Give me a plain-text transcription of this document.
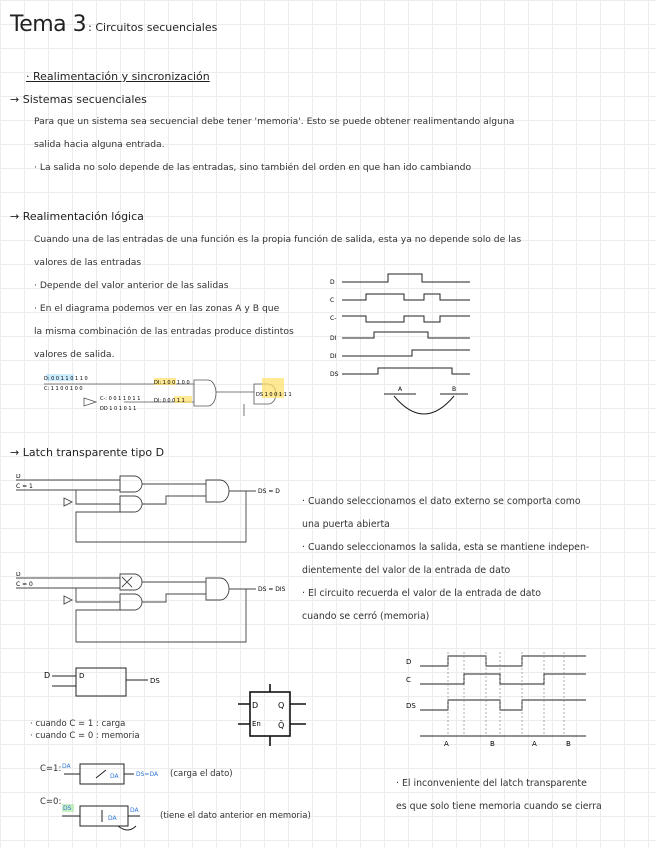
Tema 3 : Circuitos secuenciales
· Realimentación y sincronización
→ Sistemas secuenciales
Para que un sistema sea secuencial debe tener 'memoria'. Esto se puede obtener realimentando alguna
salida hacia alguna entrada.
· La salida no solo depende de las entradas, sino también del orden en que han ido cambiando
→ Realimentación lógica
Cuando una de las entradas de una función es la propia función de salida, esta ya no depende solo de las
valores de las entradas
· Depende del valor anterior de las salidas
· En el diagrama podemos ver en las zonas A y B que
la misma combinación de las entradas produce distintos
valores de salida.
D
C
C-
DI
DI
DS
A	B
D: 0 0 1 1 0 1 1 0
C: 1 1 0 0 1 0 0
C-: 0 0 1 1 0 1 1
DI: 1 0 0 1 0 0
DI: 0 0 0 1 1
DD 1 0 1 0 1 1
DS 1 0 0 1 1 1
→ Latch transparente tipo D
D
C = 1
DS = D
D
C = 0
DS = DIS
· Cuando seleccionamos el dato externo se comporta como
una puerta abierta
· Cuando seleccionamos la salida, esta se mantiene indepen-
dientemente del valor de la entrada de dato
· El circuito recuerda el valor de la entrada de dato
cuando se cerró (memoria)
D	D
DS
D
En
Q
Q̄
· cuando C = 1 : carga
· cuando C = 0 : memoria
C=1: DA
DA	DS=DA (carga el dato)
C=0:
DS
DA
DA
(tiene el dato anterior en memoria)
D
C
DS
A	B	A	B
· El inconveniente del latch transparente
es que solo tiene memoria cuando se cierra
